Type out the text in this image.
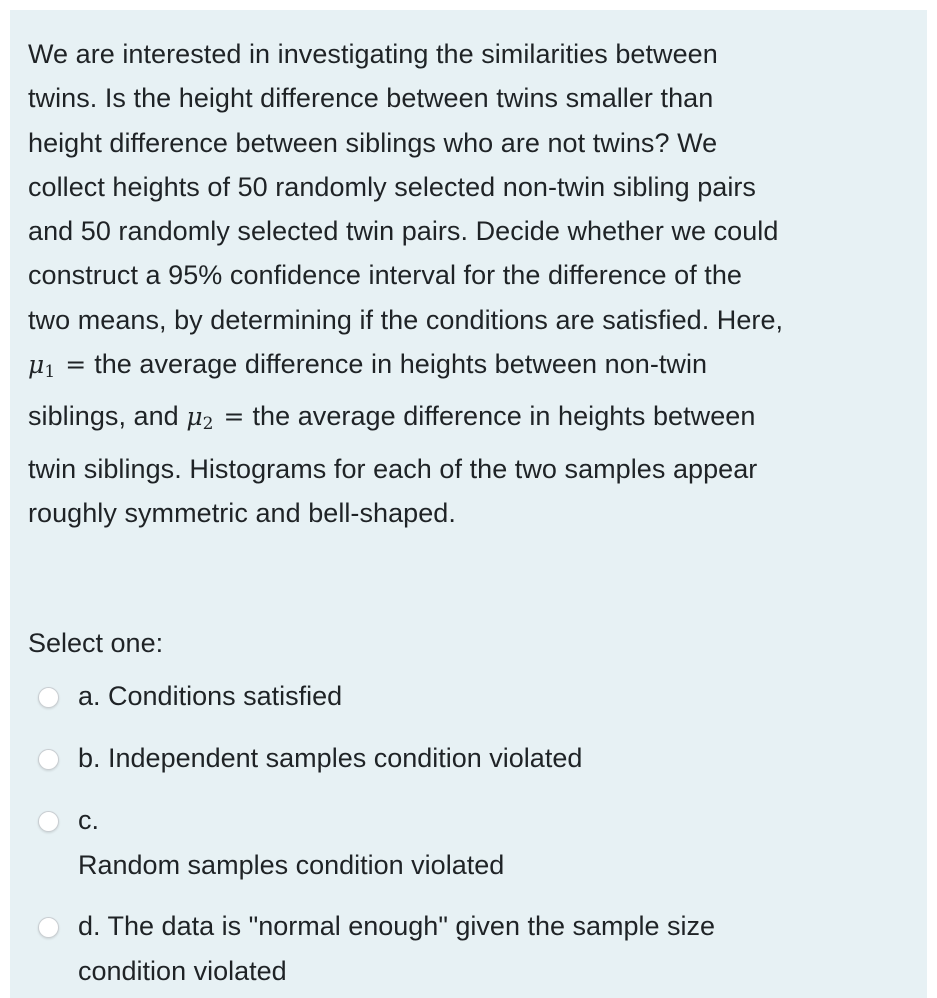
We are interested in investigating the similarities between
twins. Is the height difference between twins smaller than
height difference between siblings who are not twins? We
collect heights of 50 randomly selected non-twin sibling pairs
and 50 randomly selected twin pairs. Decide whether we could
construct a 95% confidence interval for the difference of the
two means, by determining if the conditions are satisfied. Here,
$\mu_1$ = the average difference in heights between non-twin
siblings, and $\mu_2$ = the average difference in heights between
twin siblings. Histograms for each of the two samples appear
roughly symmetric and bell-shaped.
Select one:
a. Conditions satisfied
b. Independent samples condition violated
c.
Random samples condition violated
d. The data is "normal enough" given the sample size
condition violated
